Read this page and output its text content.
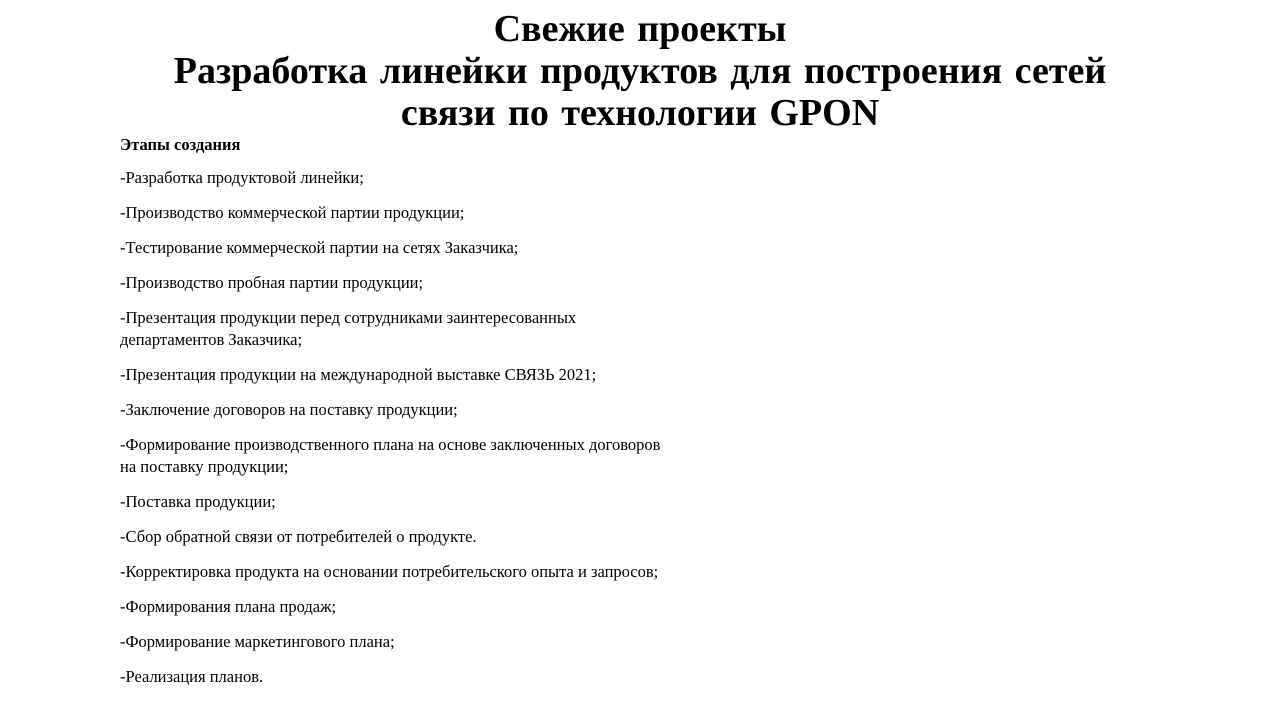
Свежие проекты
Разработка линейки продуктов для построения сетей
связи по технологии GPON
Этапы создания
-Разработка продуктовой линейки;
-Производство коммерческой партии продукции;
-Тестирование коммерческой партии на сетях Заказчика;
-Производство пробная партии продукции;
-Презентация продукции перед сотрудниками заинтересованных
департаментов Заказчика;
-Презентация продукции на международной выставке СВЯЗЬ 2021;
-Заключение договоров на поставку продукции;
-Формирование производственного плана на основе заключенных договоров
на поставку продукции;
-Поставка продукции;
-Сбор обратной связи от потребителей о продукте.
-Корректировка продукта на основании потребительского опыта и запросов;
-Формирования плана продаж;
-Формирование маркетингового плана;
-Реализация планов.
